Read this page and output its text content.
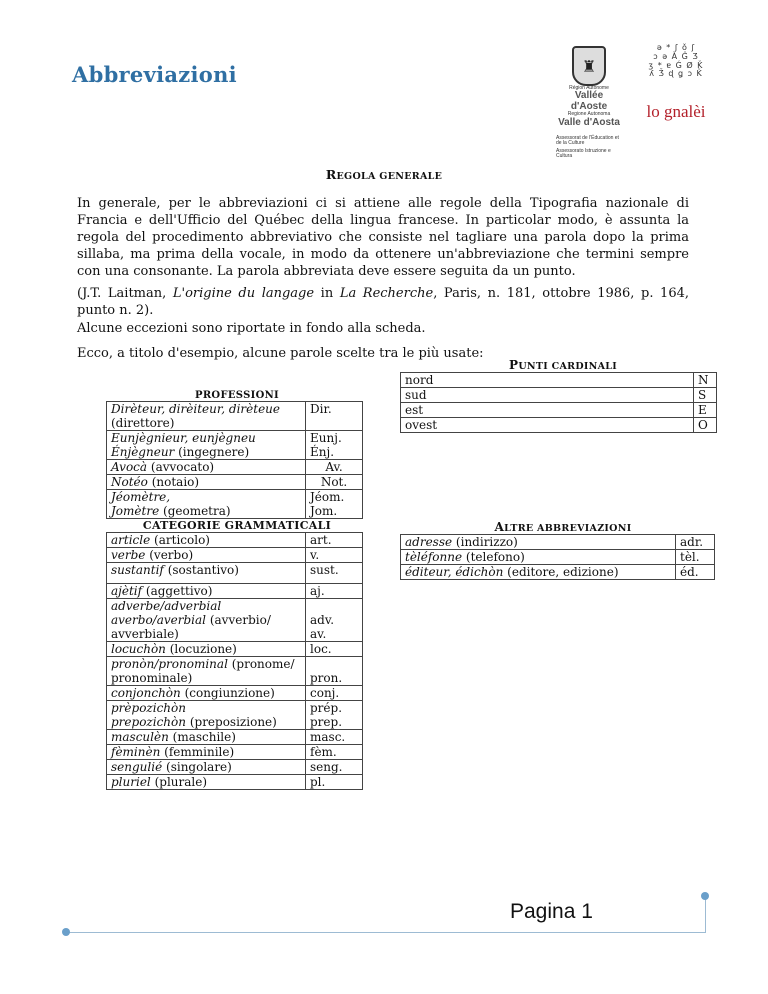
Abbreviazioni	♜
Région Autonome
Vallée d'Aoste
Regione Autonoma
Valle d'Aosta
Assessorat de l'Éducation et de la Culture
Assessorato Istruzione e Cultura
ǝ * ʃ ǒ ʃ
ɔ ə Ǎ Ĝ Ʒ
ʒ * ɐ Ǵ Ø Ǩ
ʎ Ǯ ɖ ǥ ɔ Ǩ
lo gnalèi
REGOLA GENERALE
In generale, per le abbreviazioni ci si attiene alle regole della Tipografia nazionale di Francia e dell'Ufficio del Québec della lingua francese. In particolar modo, è assunta la regola del procedimento abbreviativo che consiste nel tagliare una parola dopo la prima sillaba, ma prima della vocale, in modo da ottenere un'abbreviazione che termini sempre con una consonante. La parola abbreviata deve essere seguita da un punto.
(J.T. Laitman, L'origine du langage in La Recherche, Paris, n. 181, ottobre 1986, p. 164, punto n. 2).
Alcune eccezioni sono riportate in fondo alla scheda.
Ecco, a titolo d'esempio, alcune parole scelte tra le più usate:
PROFESSIONI
Dirèteur, dirèiteur, dirèteue
(direttore)	Dir.
Eunjègnieur, eunjègneu
Énjègneur (ingegnere)	Eunj.
Énj.
Avocà (avvocato)	Av.
Notéo (notaio)	Not.
Jéomètre,
Jomètre (geometra)	Jéom.
Jom.
CATEGORIE GRAMMATICALI
article (articolo)	art.
verbe (verbo)	v.
sustantif (sostantivo)	sust.
ajètif (aggettivo)	aj.
adverbe/adverbial
averbo/averbial (avverbio/
avverbiale)	adv.
av.
locuchòn (locuzione)	loc.
pronòn/pronominal (pronome/
pronominale)	pron.
conjonchòn (congiunzione)	conj.
prèpozichòn
prepozichòn (preposizione)	prép.
prep.
masculèn (maschile)	masc.
fèminèn (femminile)	fèm.
sengulié (singolare)	seng.
pluriel (plurale)	pl.
PUNTI CARDINALI
nord	N
sud	S
est	E
ovest	O
ALTRE ABBREVIAZIONI
adresse (indirizzo)	adr.
tèléfonne (telefono)	tèl.
éditeur, édichòn (editore, edizione)	éd.
Pagina 1
